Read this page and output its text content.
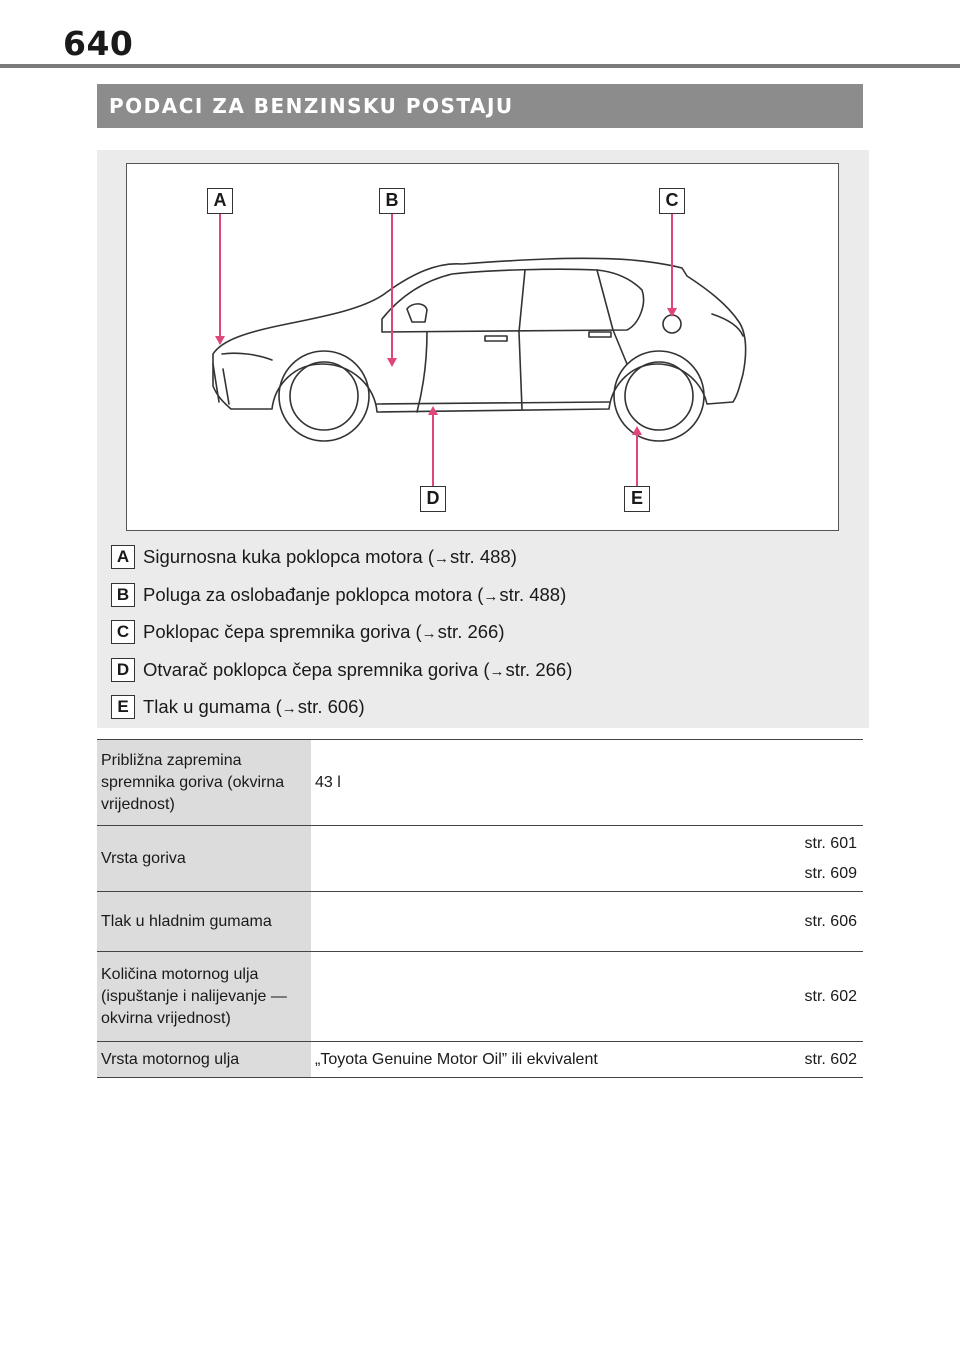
640
PODACI ZA BENZINSKU POSTAJU
A	B	C
D	E
A Sigurnosna kuka poklopca motora (→str. 488)
B Poluga za oslobađanje poklopca motora (→str. 488)
C Poklopac čepa spremnika goriva (→str. 266)
D Otvarač poklopca čepa spremnika goriva (→str. 266)
E Tlak u gumama (→str. 606)
Približna zapremina spremnika goriva (okvirna vrijednost)	43 l	
Vrsta goriva		str. 601
str. 609

Tlak u hladnim gumama		str. 606

Količina motornog ulja (ispuštanje i nalijevanje — okvirna vrijednost)		str. 602

Vrsta motornog ulja	„Toyota Genuine Motor Oil” ili ekvivalent	str. 602
